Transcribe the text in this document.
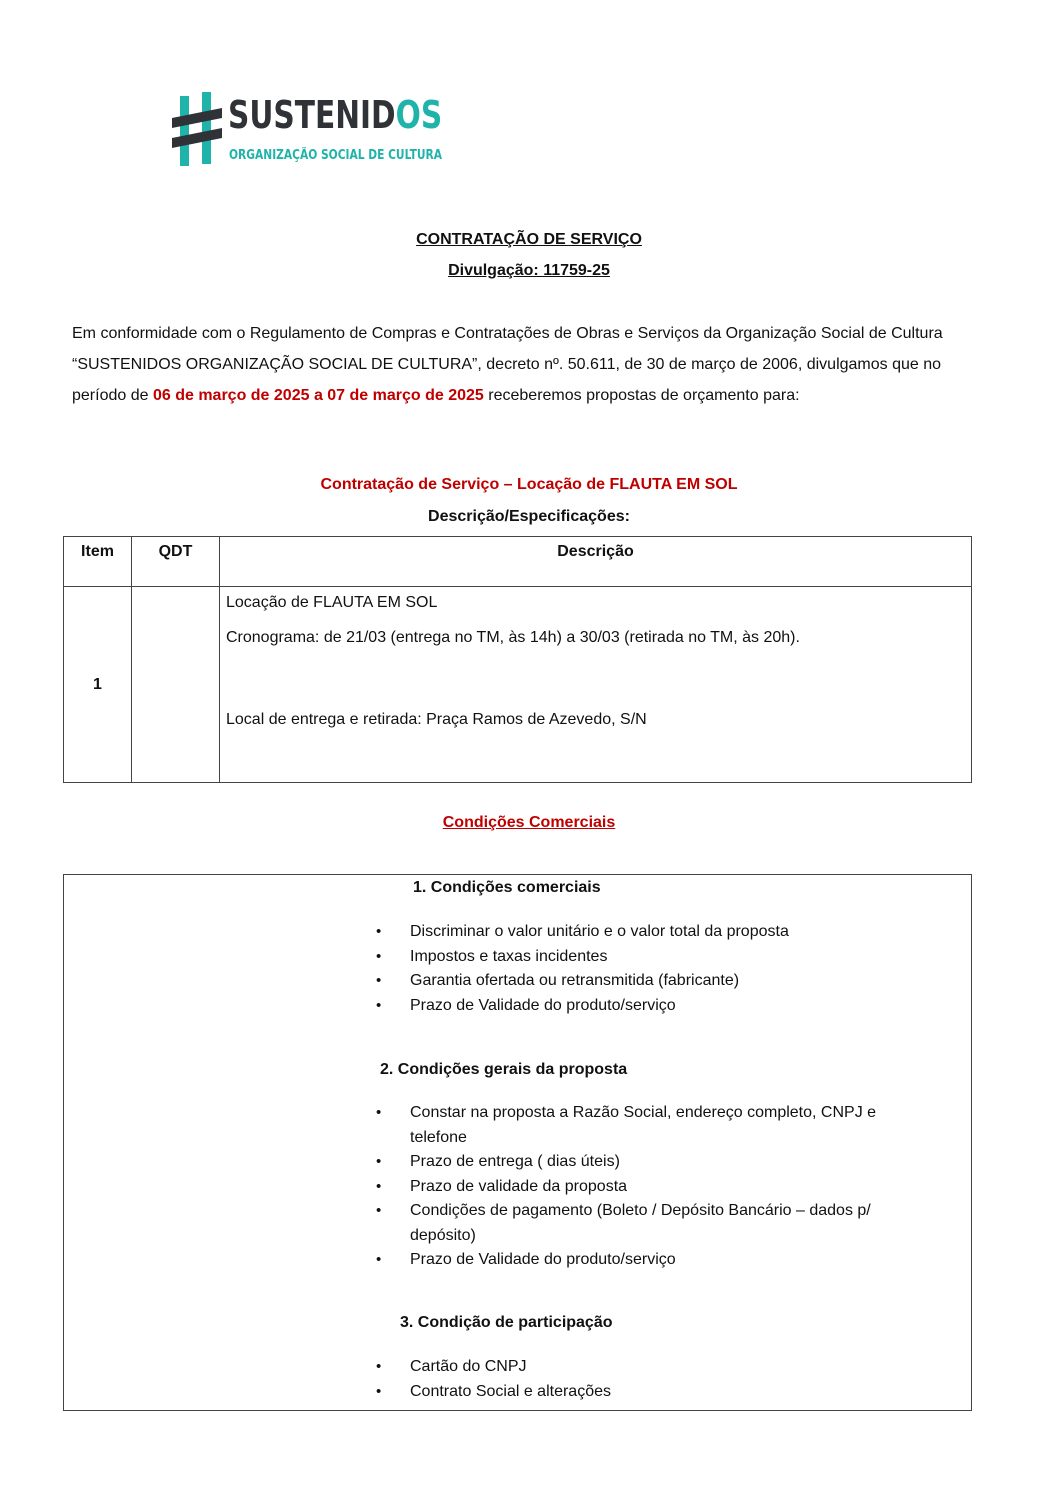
SUSTENIDOS
ORGANIZAÇÃO SOCIAL DE CULTURA
CONTRATAÇÃO DE SERVIÇO
Divulgação: 11759-25
Em conformidade com o Regulamento de Compras e Contratações de Obras e Serviços da Organização Social de Cultura “SUSTENIDOS ORGANIZAÇÃO SOCIAL DE CULTURA”, decreto nº. 50.611, de 30 de março de 2006, divulgamos que no período de 06 de março de 2025 a 07 de março de 2025 receberemos propostas de orçamento para:
Contratação de Serviço – Locação de FLAUTA EM SOL
Descrição/Especificações:
Item	QDT	Descrição
1		Locação de FLAUTA EM SOL

Cronograma: de 21/03 (entrega no TM, às 14h) a 30/03 (retirada no TM, às 20h).

Local de entrega e retirada: Praça Ramos de Azevedo, S/N

Condições Comerciais
1. Condições comerciais
• Discriminar o valor unitário e o valor total da proposta
• Impostos e taxas incidentes
• Garantia ofertada ou retransmitida (fabricante)
• Prazo de Validade do produto/serviço
2. Condições gerais da proposta
• Constar na proposta a Razão Social, endereço completo, CNPJ e telefone
• Prazo de entrega ( dias úteis)
• Prazo de validade da proposta
• Condições de pagamento (Boleto / Depósito Bancário – dados p/ depósito)
• Prazo de Validade do produto/serviço
3. Condição de participação
• Cartão do CNPJ
• Contrato Social e alterações
